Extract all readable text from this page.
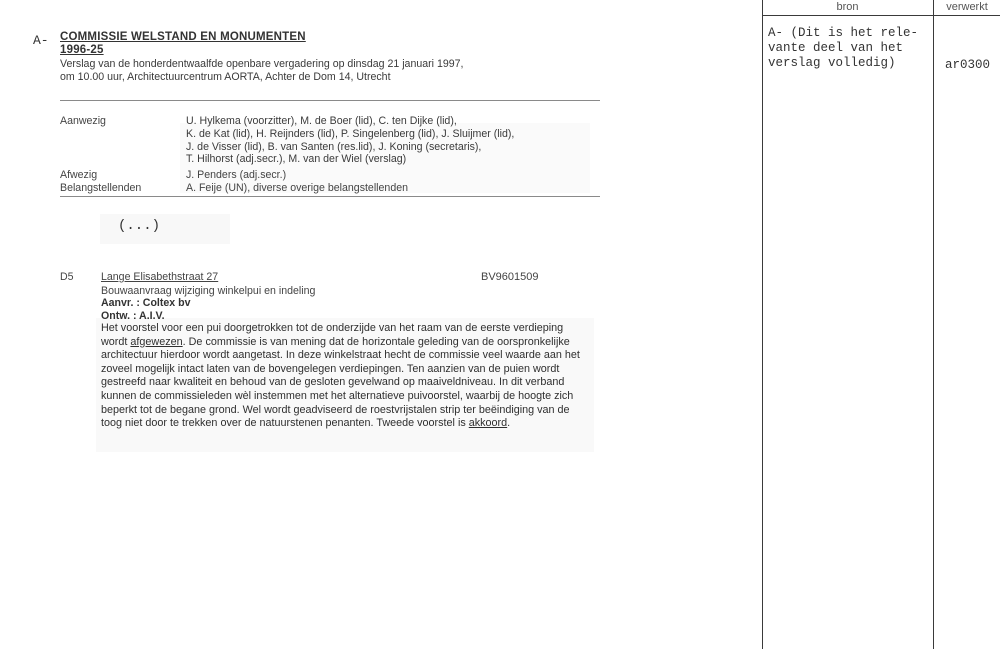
bron	verwerkt
A- (Dit is het rele-
vante deel van het
verslag volledig)	ar0300
A- COMMISSIE WELSTAND EN MONUMENTEN
1996-25
Verslag van de honderdentwaalfde openbare vergadering op dinsdag 21 januari 1997,
om 10.00 uur, Architectuurcentrum AORTA, Achter de Dom 14, Utrecht
Aanwezig	U. Hylkema (voorzitter), M. de Boer (lid), C. ten Dijke (lid),
K. de Kat (lid), H. Reijnders (lid), P. Singelenberg (lid), J. Sluijmer (lid),
J. de Visser (lid), B. van Santen (res.lid), J. Koning (secretaris),
T. Hilhorst (adj.secr.), M. van der Wiel (verslag)
Afwezig	J. Penders (adj.secr.)
Belangstellenden	A. Feije (UN), diverse overige belangstellenden
(...)
D5	Lange Elisabethstraat 27	BV9601509
Bouwaanvraag wijziging winkelpui en indeling
Aanvr. : Coltex bv
Ontw. : A.I.V.
Het voorstel voor een pui doorgetrokken tot de onderzijde van het raam van de eerste verdieping wordt afgewezen. De commissie is van mening dat de horizontale geleding van de oorspronkelijke architectuur hierdoor wordt aangetast. In deze winkelstraat hecht de commissie veel waarde aan het zoveel mogelijk intact laten van de bovengelegen verdiepingen. Ten aanzien van de puien wordt gestreefd naar kwaliteit en behoud van de gesloten gevelwand op maaiveldniveau. In dit verband kunnen de commissieleden wèl instemmen met het alternatieve puivoorstel, waarbij de hoogte zich beperkt tot de begane grond. Wel wordt geadviseerd de roestvrijstalen strip ter beëindiging van de toog niet door te trekken over de natuurstenen penanten. Tweede voorstel is akkoord.
